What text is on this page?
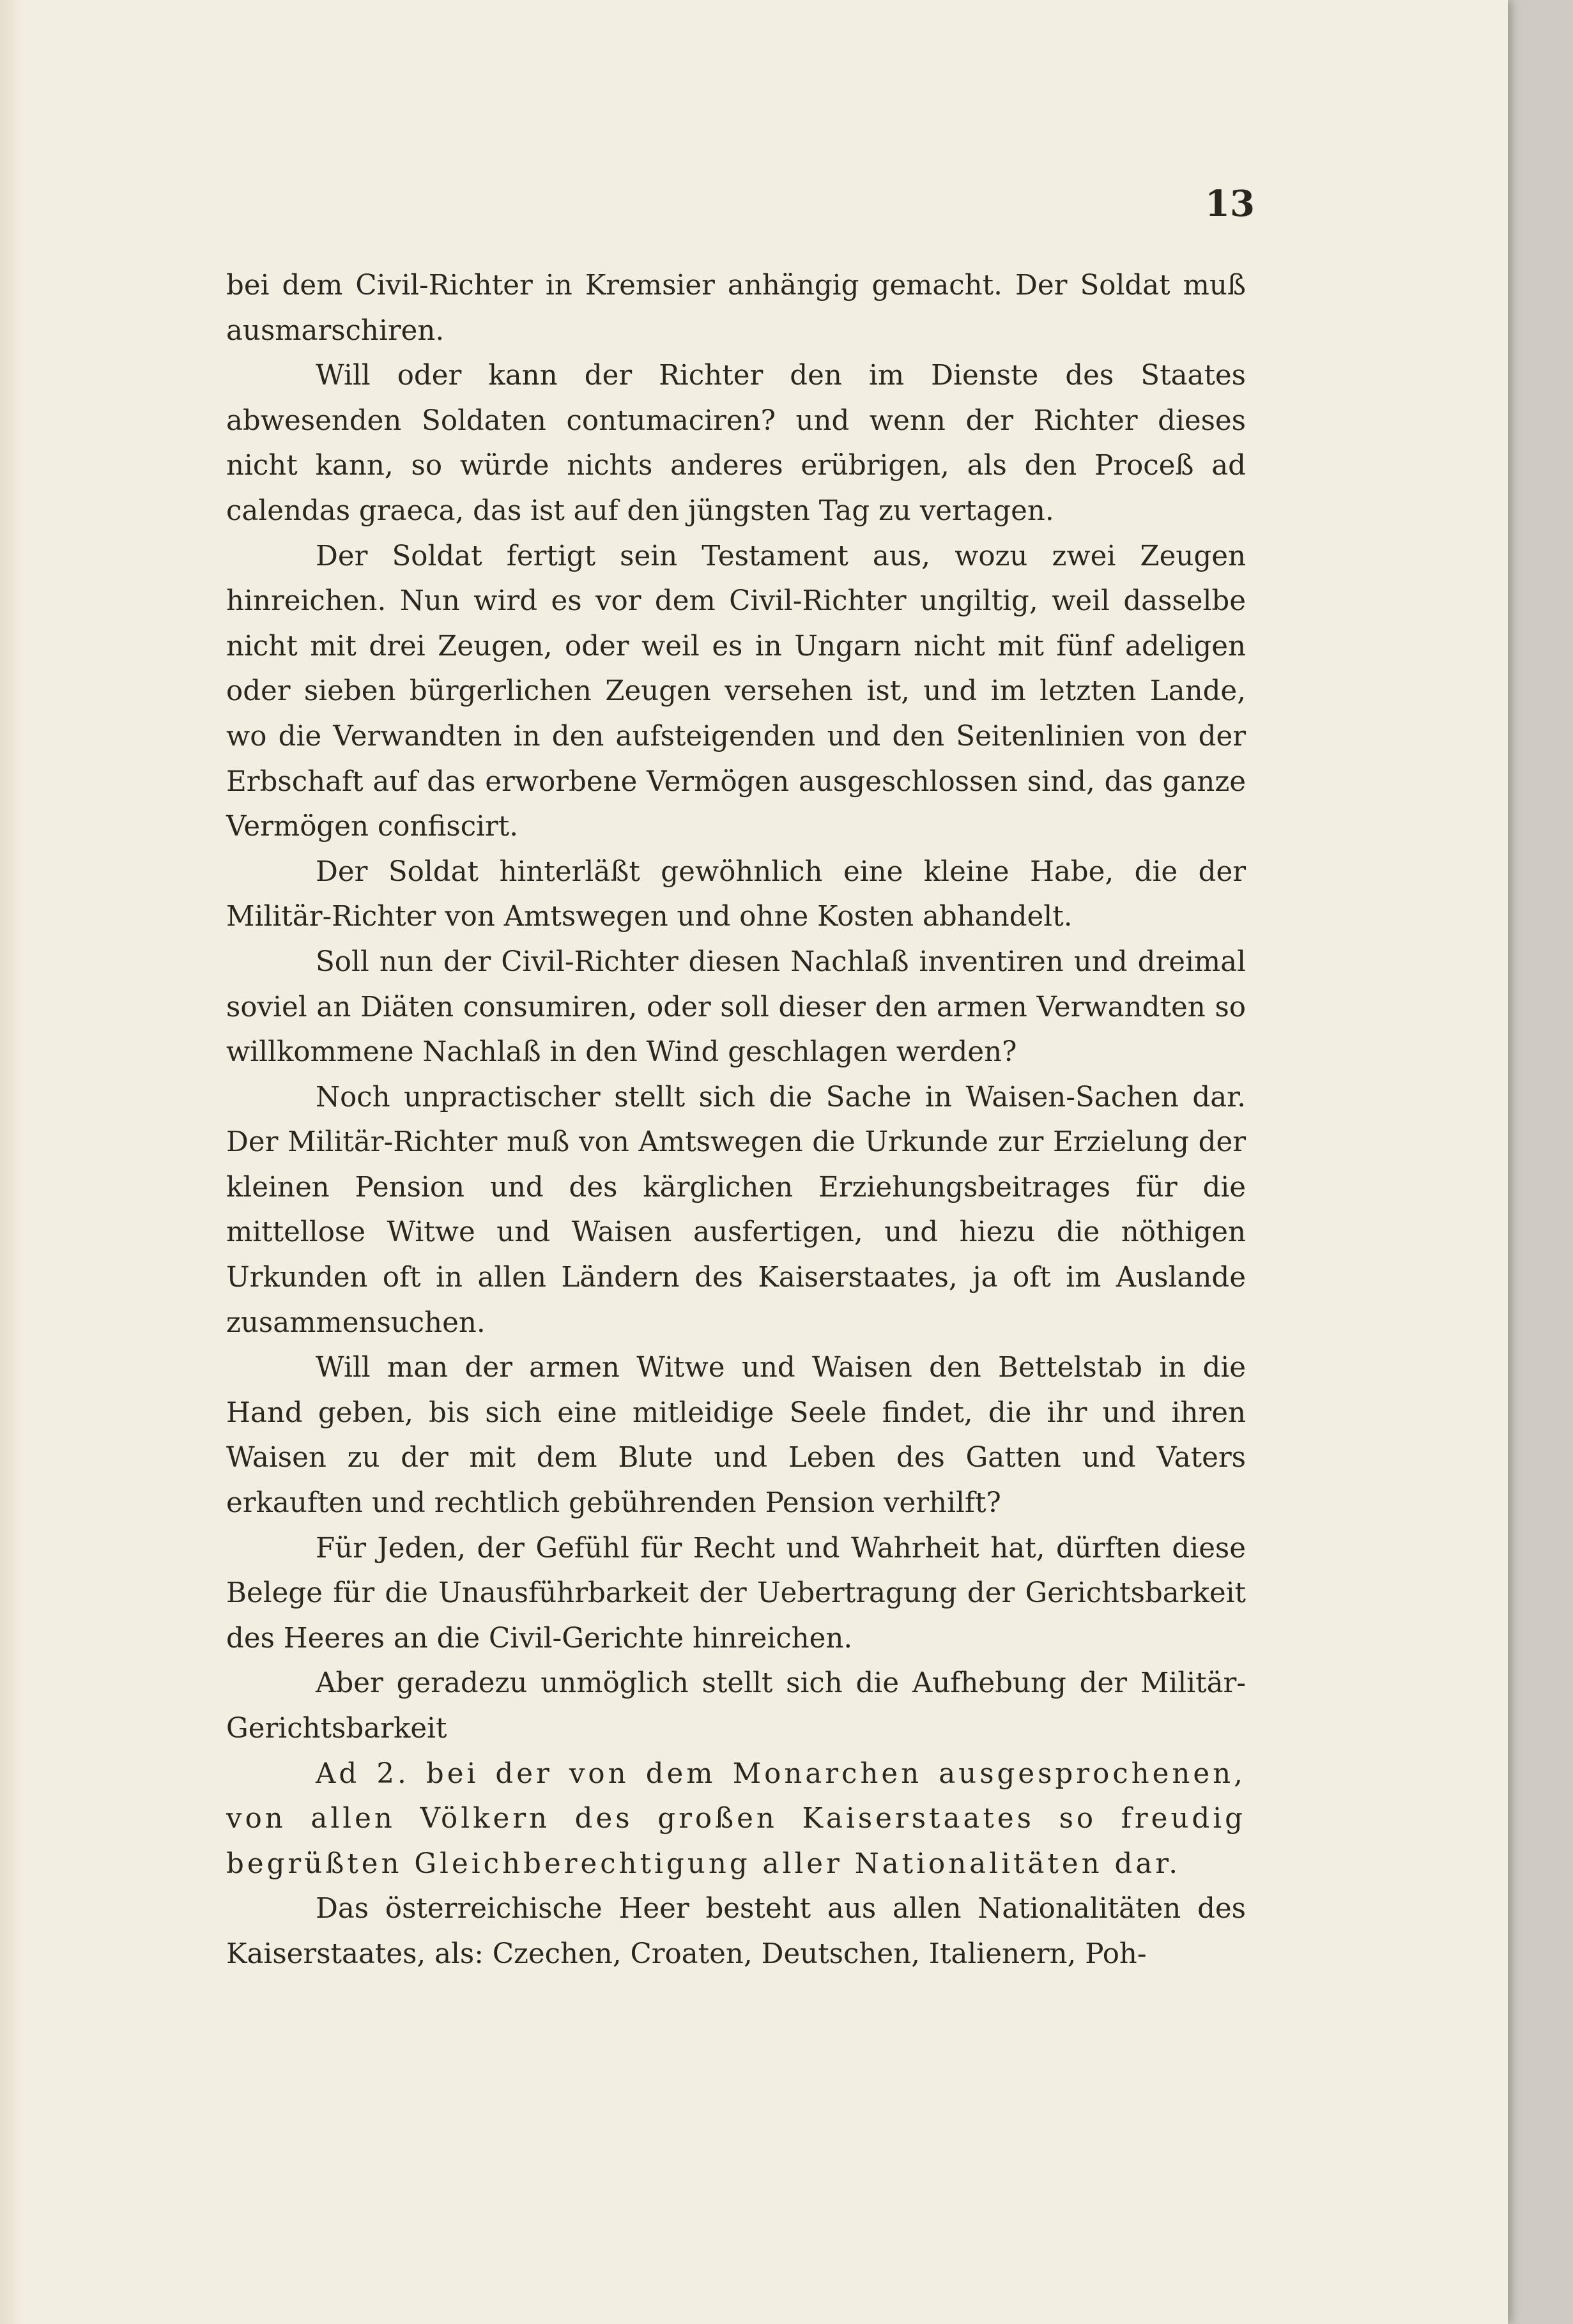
13

bei dem Civil-Richter in Kremsier anhängig gemacht. Der Soldat muß ausmarschiren.

Will oder kann der Richter den im Dienste des Staates abwesenden Soldaten contumaciren? und wenn der Richter dieses nicht kann, so würde nichts anderes erübrigen, als den Proceß ad calendas graeca, das ist auf den jüngsten Tag zu vertagen.

Der Soldat fertigt sein Testament aus, wozu zwei Zeugen hinreichen. Nun wird es vor dem Civil-Richter ungiltig, weil dasselbe nicht mit drei Zeugen, oder weil es in Ungarn nicht mit fünf adeligen oder sieben bürgerlichen Zeugen versehen ist, und im letzten Lande, wo die Verwandten in den aufsteigenden und den Seitenlinien von der Erbschaft auf das erworbene Vermögen ausgeschlossen sind, das ganze Vermögen confiscirt.

Der Soldat hinterläßt gewöhnlich eine kleine Habe, die der Militär-Richter von Amtswegen und ohne Kosten abhandelt.

Soll nun der Civil-Richter diesen Nachlaß inventiren und dreimal soviel an Diäten consumiren, oder soll dieser den armen Verwandten so willkommene Nachlaß in den Wind geschlagen werden?

Noch unpractischer stellt sich die Sache in Waisen-Sachen dar. Der Militär-Richter muß von Amtswegen die Urkunde zur Erzielung der kleinen Pension und des kärglichen Erziehungsbeitrages für die mittellose Witwe und Waisen ausfertigen, und hiezu die nöthigen Urkunden oft in allen Ländern des Kaiserstaates, ja oft im Auslande zusammensuchen.

Will man der armen Witwe und Waisen den Bettelstab in die Hand geben, bis sich eine mitleidige Seele findet, die ihr und ihren Waisen zu der mit dem Blute und Leben des Gatten und Vaters erkauften und rechtlich gebührenden Pension verhilft?

Für Jeden, der Gefühl für Recht und Wahrheit hat, dürften diese Belege für die Unausführbarkeit der Uebertragung der Gerichtsbarkeit des Heeres an die Civil-Gerichte hinreichen.

Aber geradezu unmöglich stellt sich die Aufhebung der Militär-Gerichtsbarkeit

Ad 2. bei der von dem Monarchen ausgesprochenen, von allen Völkern des großen Kaiserstaates so freudig begrüßten Gleichberechtigung aller Nationalitäten dar.

Das österreichische Heer besteht aus allen Nationalitäten des Kaiserstaates, als: Czechen, Croaten, Deutschen, Italienern, Poh-
